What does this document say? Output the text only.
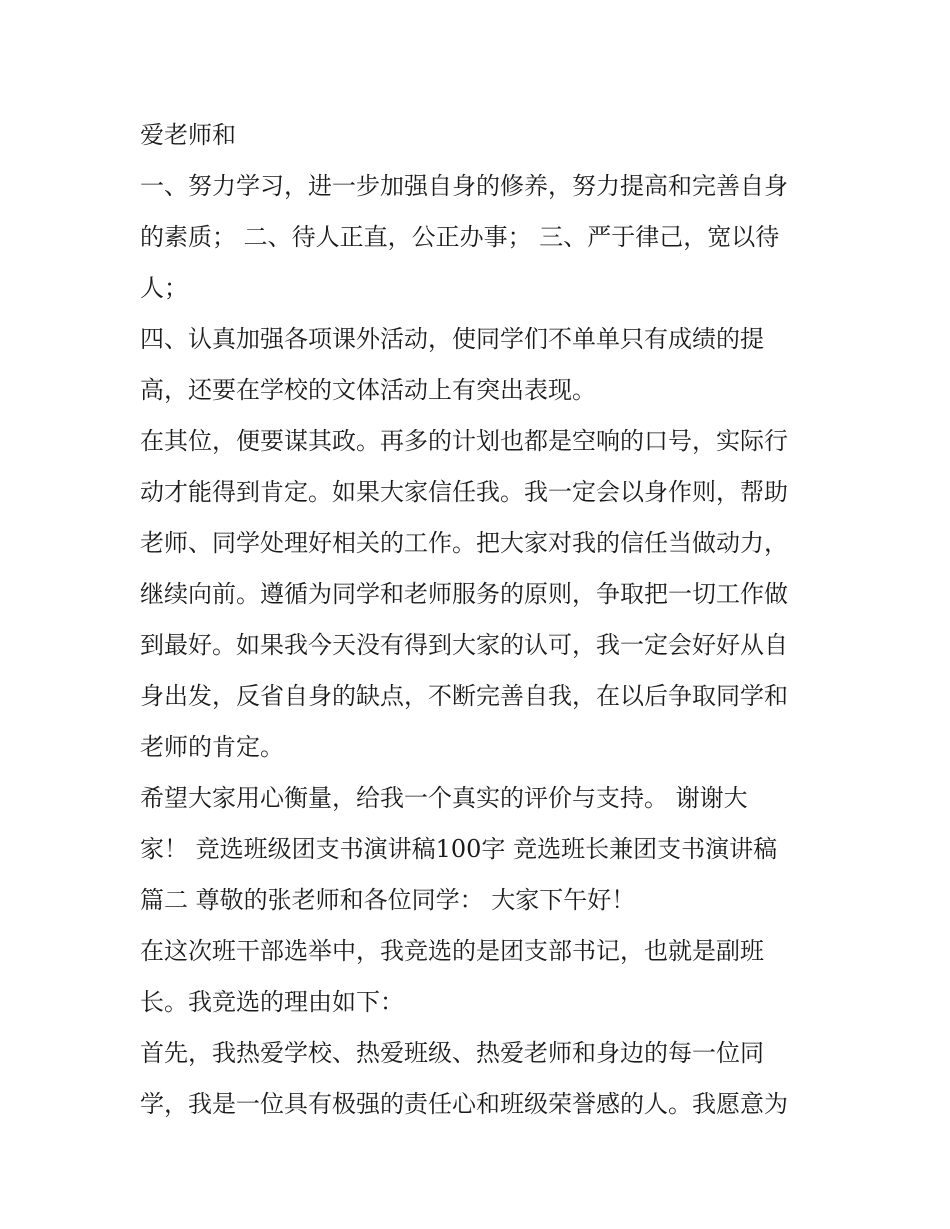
爱老师和
一、努力学习，进一步加强自身的修养，努力提高和完善自身
的素质； 二、待人正直，公正办事； 三、严于律己，宽以待
人；
四、认真加强各项课外活动，使同学们不单单只有成绩的提
高，还要在学校的文体活动上有突出表现。
在其位，便要谋其政。再多的计划也都是空响的口号，实际行
动才能得到肯定。如果大家信任我。我一定会以身作则，帮助
老师、同学处理好相关的工作。把大家对我的信任当做动力，
继续向前。遵循为同学和老师服务的原则，争取把一切工作做
到最好。如果我今天没有得到大家的认可，我一定会好好从自
身出发，反省自身的缺点，不断完善自我，在以后争取同学和
老师的肯定。
希望大家用心衡量，给我一个真实的评价与支持。 谢谢大
家！ 竞选班级团支书演讲稿100字 竞选班长兼团支书演讲稿
篇二 尊敬的张老师和各位同学： 大家下午好！
在这次班干部选举中，我竞选的是团支部书记，也就是副班
长。我竞选的理由如下：
首先，我热爱学校、热爱班级、热爱老师和身边的每一位同
学，我是一位具有极强的责任心和班级荣誉感的人。我愿意为
